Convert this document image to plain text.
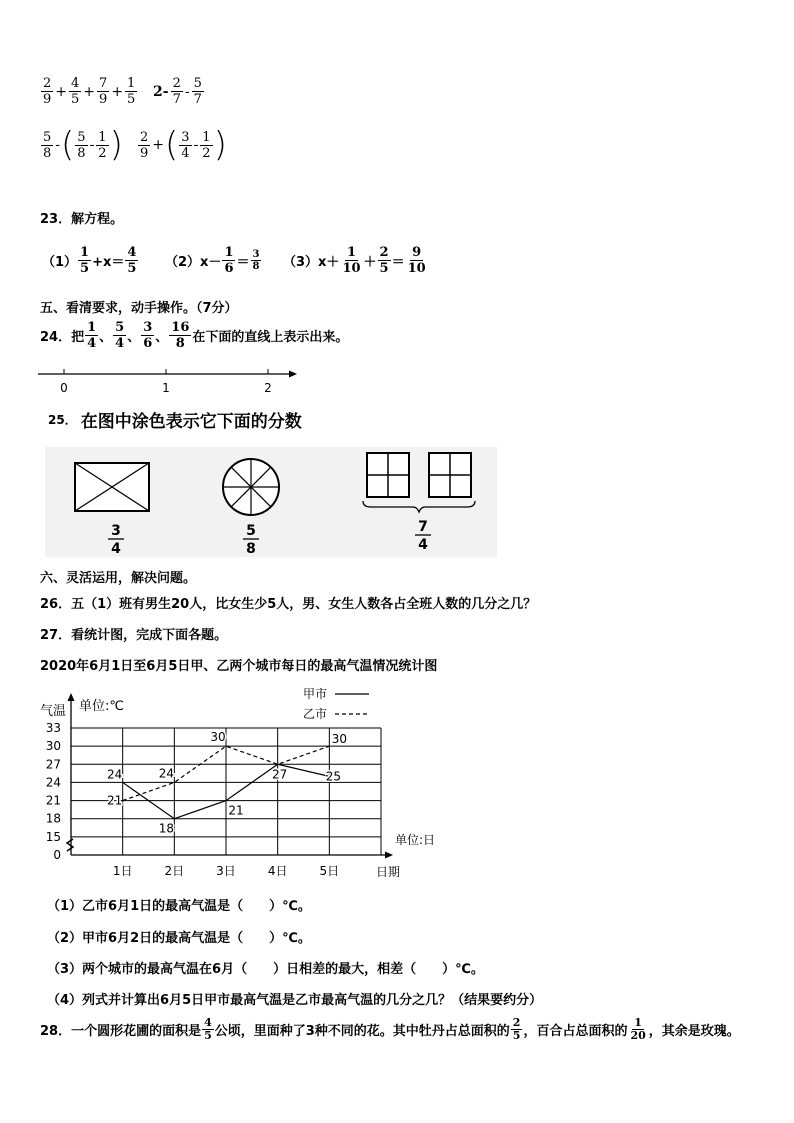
$\frac{2}{9} + \frac{4}{5} + \frac{7}{9} + \frac{1}{5} 2- \frac{2}{7} - \frac{5}{7}$
$\frac{5}{8}$ - ( $\frac{5}{8} - \frac{1}{2}$ ) $\frac{2}{9}$ + ( $\frac{3}{4} - \frac{1}{2}$ )
23．解方程。
$(1) \frac{1}{5} +x= \frac{4}{5} (2)$ $x- \frac{1}{6} = \frac{3}{8} (3)$ $x+ \frac{1}{10} + \frac{2}{5} = \frac{9}{10}$
五、看清要求，动手操作。（7分）
24．把 $\frac{1}{4}$ 、 $\frac{5}{4}$ 、 $\frac{3}{6}$ 、 $\frac{16}{8}$ 在下面的直线上表示出来。
0	1	2
25． 在图中涂色表示它下面的分数
3
4
5
8
7
4
六、灵活运用，解决问题。
26．五（1）班有男生20人，比女生少5人，男、女生人数各占全班人数的几分之几？
27．看统计图，完成下面各题。
2020年6月1日至6月5日甲、乙两个城市每日的最高气温情况统计图
气温 单位:℃
单位:日
日期
甲市
乙市
0
15
18
21
24
27
30
33
1日	2日	3日	4日	5日
24
18
21
27	25
21
24
30	30
（1）乙市6月1日的最高气温是（　　）℃。
（2）甲市6月2日的最高气温是（　　）℃。
（3）两个城市的最高气温在6月（　　）日相差的最大，相差（　　）℃。
（4）列式并计算出6月5日甲市最高气温是乙市最高气温的几分之几？（结果要约分）
28．一个圆形花圃的面积是 $\frac{4}{5}$ 公顷，里面种了3种不同的花。其中牡丹占总面积的 $\frac{2}{5}$ ，百合占总面积的 $\frac{1}{20}$ ，其余是玫瑰。
